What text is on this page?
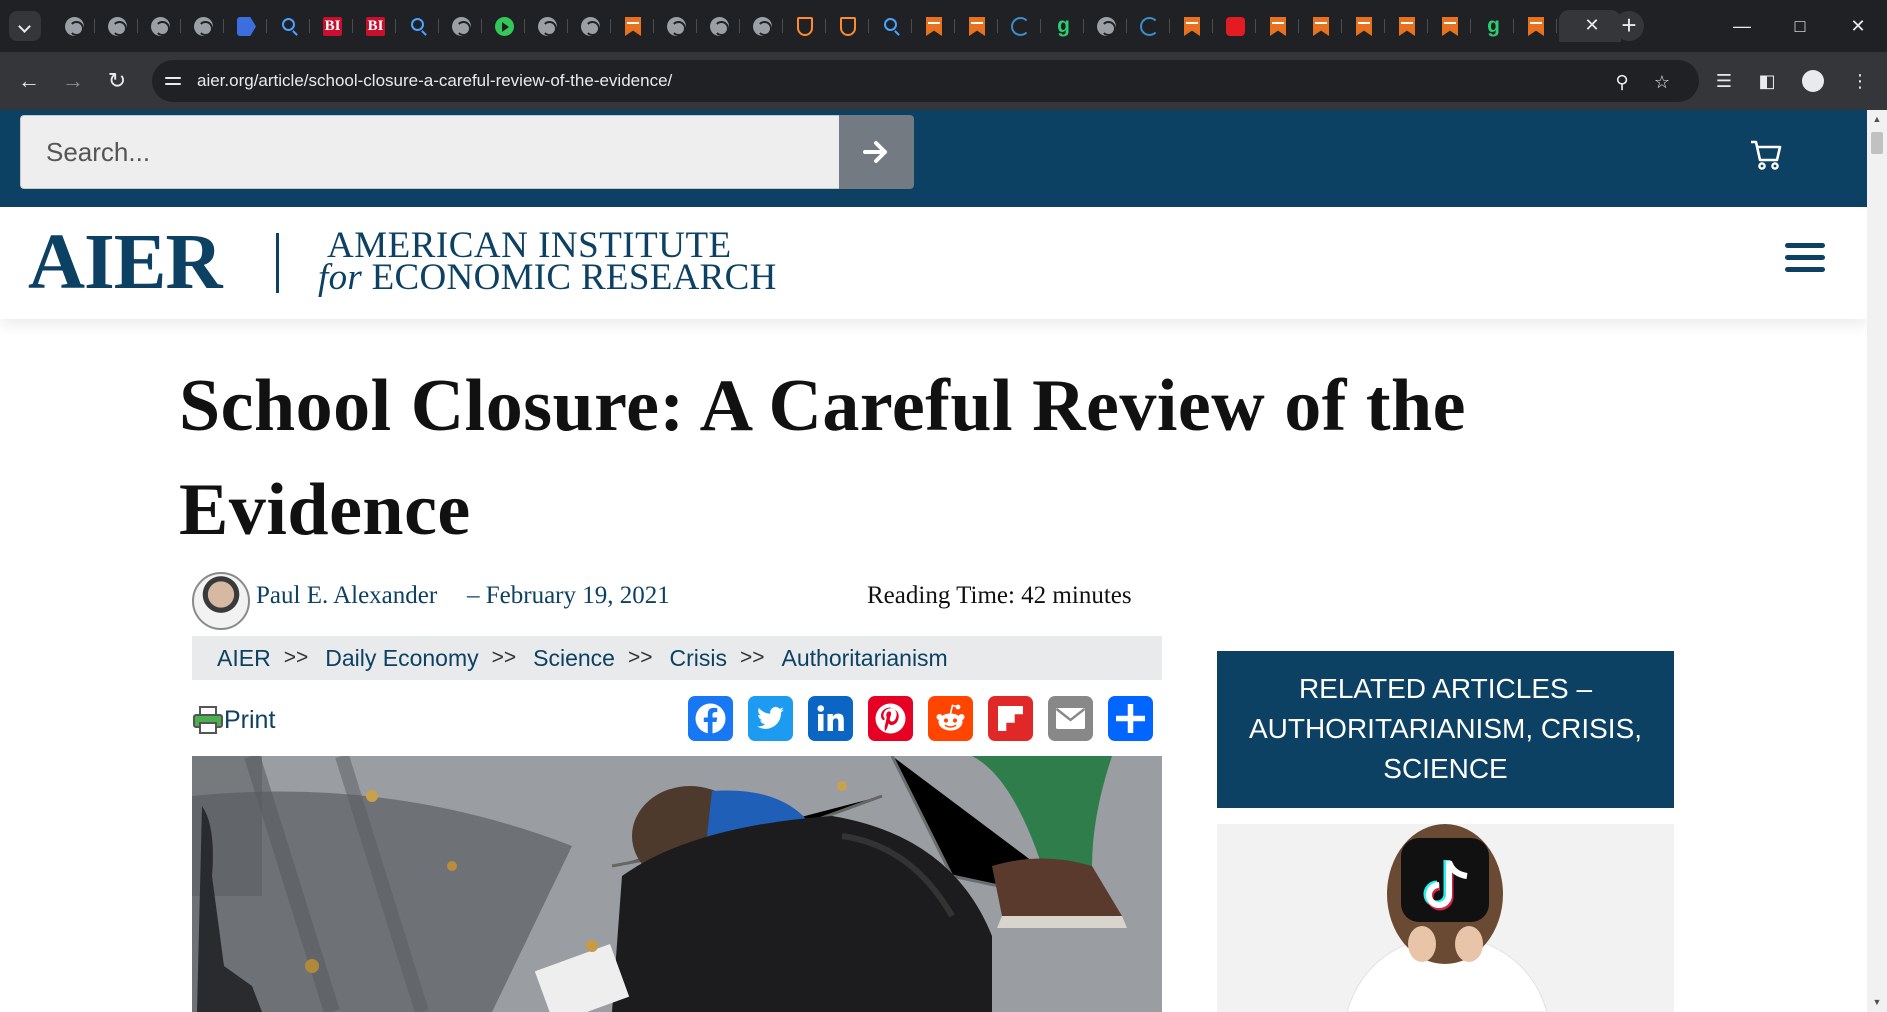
BI BI	g	g	✕ +	—	□	✕
← → ↻	aier.org/article/school-closure-a-careful-review-of-the-evidence/	⚲ ☆	☰	◧	⋮
Search...
AIER	AMERICAN INSTITUTE
for ECONOMIC RESEARCH
School Closure: A Careful Review of the Evidence
Paul E. Alexander – February 19, 2021	Reading Time: 42 minutes
AIER >> Daily Economy >> Science >> Crisis >> Authoritarianism
Print
RELATED ARTICLES – AUTHORITARIANISM, CRISIS, SCIENCE
▲
▼
